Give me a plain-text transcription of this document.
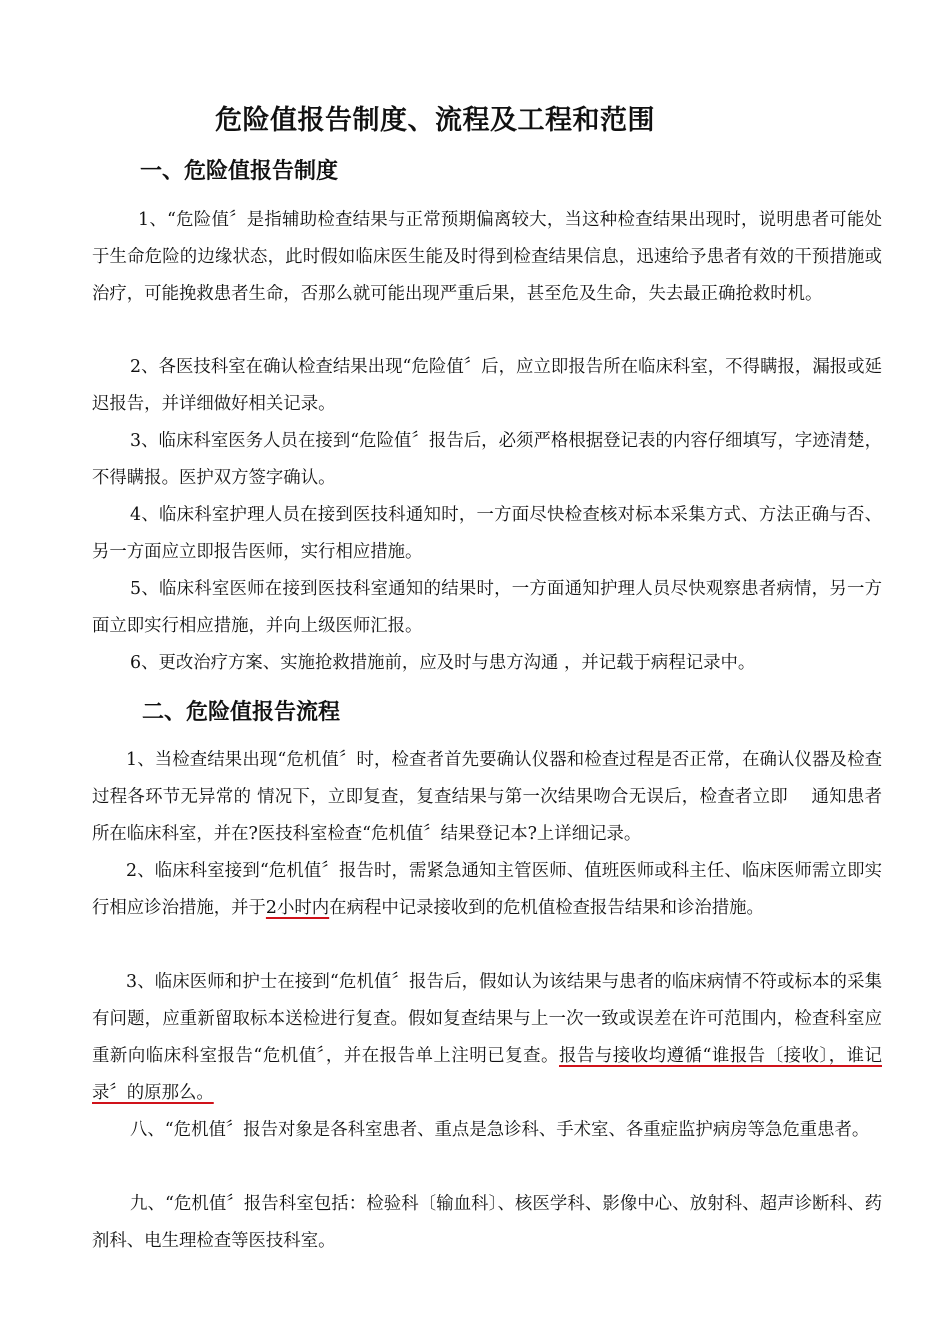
危险值报告制度、流程及工程和范围
一、危险值报告制度
1、“危险值〞是指辅助检查结果与正常预期偏离较大，当这种检查结果出现时，说明患者可能处于生命危险的边缘状态，此时假如临床医生能及时得到检查结果信息，迅速给予患者有效的干预措施或治疗，可能挽救患者生命，否那么就可能出现严重后果，甚至危及生命，失去最正确抢救时机。
2、各医技科室在确认检查结果出现“危险值〞后，应立即报告所在临床科室，不得瞒报，漏报或延迟报告，并详细做好相关记录。
3、临床科室医务人员在接到“危险值〞报告后，必须严格根据登记表的内容仔细填写，字迹清楚，不得瞒报。医护双方签字确认。
4、临床科室护理人员在接到医技科通知时，一方面尽快检查核对标本采集方式、方法正确与否、另一方面应立即报告医师，实行相应措施。
5、临床科室医师在接到医技科室通知的结果时，一方面通知护理人员尽快观察患者病情，另一方面立即实行相应措施，并向上级医师汇报。
6、更改治疗方案、实施抢救措施前，应及时与患方沟通 ，并记载于病程记录中。
二、危险值报告流程
1、当检查结果出现“危机值〞时，检查者首先要确认仪器和检查过程是否正常，在确认仪器及检查过程各环节无异常的 情况下，立即复查，复查结果与第一次结果吻合无误后，检查者立即　 通知患者所在临床科室，并在?医技科室检查“危机值〞结果登记本?上详细记录。
2、临床科室接到“危机值〞报告时，需紧急通知主管医师、值班医师或科主任、临床医师需立即实行相应诊治措施，并于2小时内在病程中记录接收到的危机值检查报告结果和诊治措施。
3、临床医师和护士在接到“危机值〞报告后，假如认为该结果与患者的临床病情不符或标本的采集有问题，应重新留取标本送检进行复查。假如复查结果与上一次一致或误差在许可范围内，检查科室应重新向临床科室报告“危机值〞，并在报告单上注明已复查。报告与接收均遵循“谁报告〔接收〕，谁记录〞的原那么。
八、“危机值〞报告对象是各科室患者、重点是急诊科、手术室、各重症监护病房等急危重患者。
九、“危机值〞报告科室包括：检验科〔输血科〕、核医学科、影像中心、放射科、超声诊断科、药剂科、电生理检查等医技科室。
